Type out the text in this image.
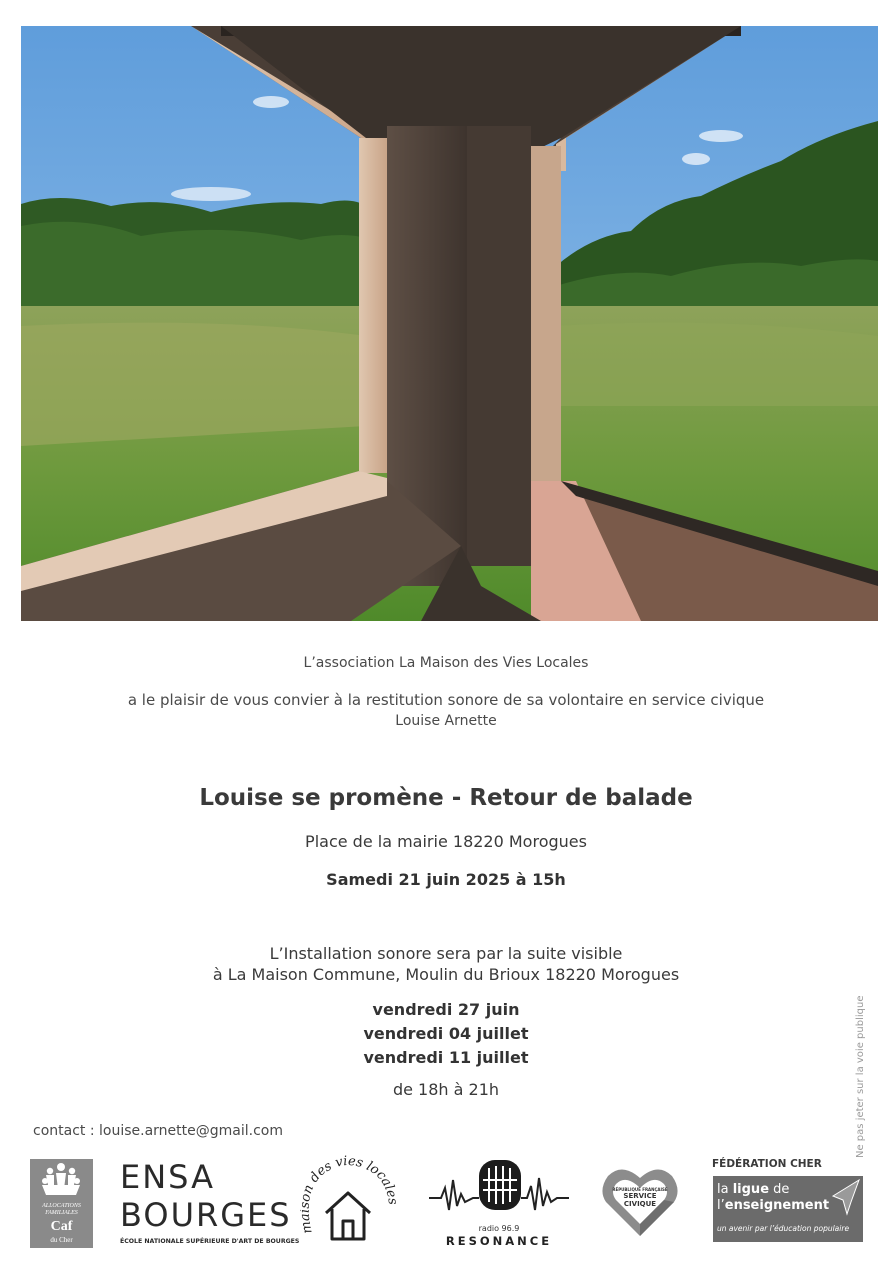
L’association La Maison des Vies Locales
a le plaisir de vous convier à la restitution sonore de sa volontaire en service civique
Louise Arnette
Louise se promène - Retour de balade
Place de la mairie 18220 Morogues
Samedi 21 juin 2025 à 15h
L’Installation sonore sera par la suite visible
à La Maison Commune, Moulin du Brioux 18220 Morogues
vendredi 27 juin
vendredi 04 juillet
vendredi 11 juillet
de 18h à 21h
contact : louise.arnette@gmail.com	Ne pas jeter sur la voie publique
ALLOCATIONS
FAMILIALES
Caf
du Cher
ENSA
BOURGES
ÉCOLE NATIONALE SUPÉRIEURE D'ART DE BOURGES
m n des vies locale
radio 96.9
RESONANCE
RÉPUBLIQUE FRANÇAISE
SERVICE
CIVIQUE
FÉDÉRATION CHER
la ligue de
l’enseignement
un avenir par l’éducation populaire
